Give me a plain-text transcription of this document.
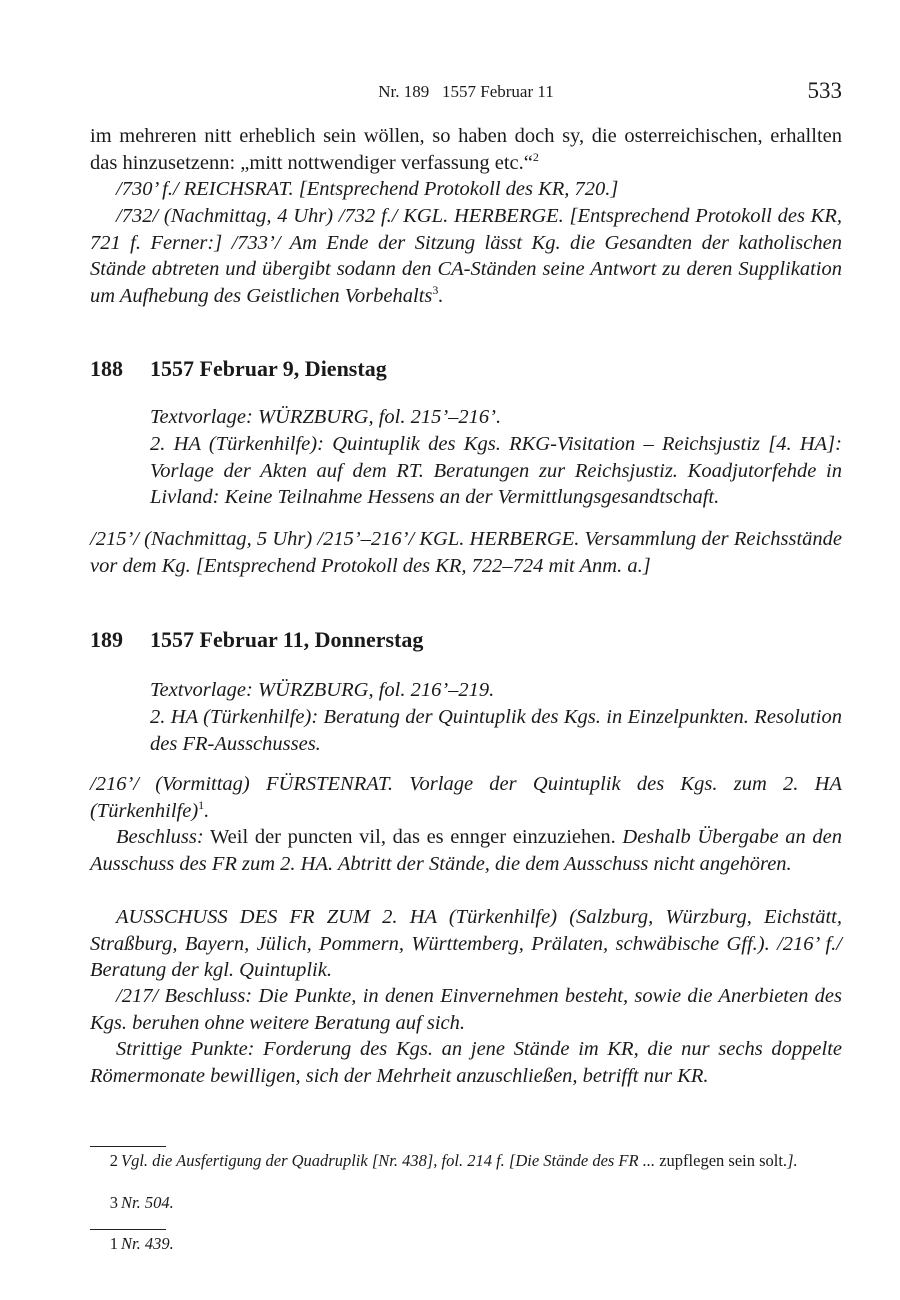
Nr. 189   1557 Februar 11	533

im mehreren nitt erheblich sein wöllen, so haben doch sy, die osterreichischen, erhallten das hinzusetzenn: „mitt nottwendiger verfassung etc.“$^2$

/730’ f./ REICHSRAT. [Entsprechend Protokoll des KR, 720.]

/732/ (Nachmittag, 4 Uhr) /732 f./ KGL. HERBERGE. [Entsprechend Protokoll des KR, 721 f. Ferner:] /733’/ Am Ende der Sitzung lässt Kg. die Gesandten der katholischen Stände abtreten und übergibt sodann den CA-Ständen seine Antwort zu deren Supplikation um Aufhebung des Geistlichen Vorbehalts$^3$.

188 1557 Februar 9, Dienstag

Textvorlage: WÜRZBURG, fol. 215’–216’.

2. HA (Türkenhilfe): Quintuplik des Kgs. RKG-Visitation – Reichsjustiz [4. HA]: Vorlage der Akten auf dem RT. Beratungen zur Reichsjustiz. Koadjutorfehde in Livland: Keine Teilnahme Hessens an der Vermittlungsgesandtschaft.

/215’/ (Nachmittag, 5 Uhr) /215’–216’/ KGL. HERBERGE. Versammlung der Reichsstände vor dem Kg. [Entsprechend Protokoll des KR, 722–724 mit Anm. a.]

189 1557 Februar 11, Donnerstag

Textvorlage: WÜRZBURG, fol. 216’–219.

2. HA (Türkenhilfe): Beratung der Quintuplik des Kgs. in Einzelpunkten. Resolution des FR-Ausschusses.

/216’/ (Vormittag) FÜRSTENRAT. Vorlage der Quintuplik des Kgs. zum 2. HA (Türkenhilfe)$^1$.

Beschluss: Weil der puncten vil, das es ennger einzuziehen. Deshalb Übergabe an den Ausschuss des FR zum 2. HA. Abtritt der Stände, die dem Ausschuss nicht angehören.

AUSSCHUSS DES FR ZUM 2. HA (Türkenhilfe) (Salzburg, Würzburg, Eichstätt, Straßburg, Bayern, Jülich, Pommern, Württemberg, Prälaten, schwäbische Gff.). /216’ f./ Beratung der kgl. Quintuplik.

/217/ Beschluss: Die Punkte, in denen Einvernehmen besteht, sowie die Anerbieten des Kgs. beruhen ohne weitere Beratung auf sich.

Strittige Punkte: Forderung des Kgs. an jene Stände im KR, die nur sechs doppelte Römermonate bewilligen, sich der Mehrheit anzuschließen, betrifft nur KR.

2 Vgl. die Ausfertigung der Quadruplik [Nr. 438], fol. 214 f. [Die Stände des FR ... zupflegen sein solt.].

3 Nr. 504.

1 Nr. 439.
